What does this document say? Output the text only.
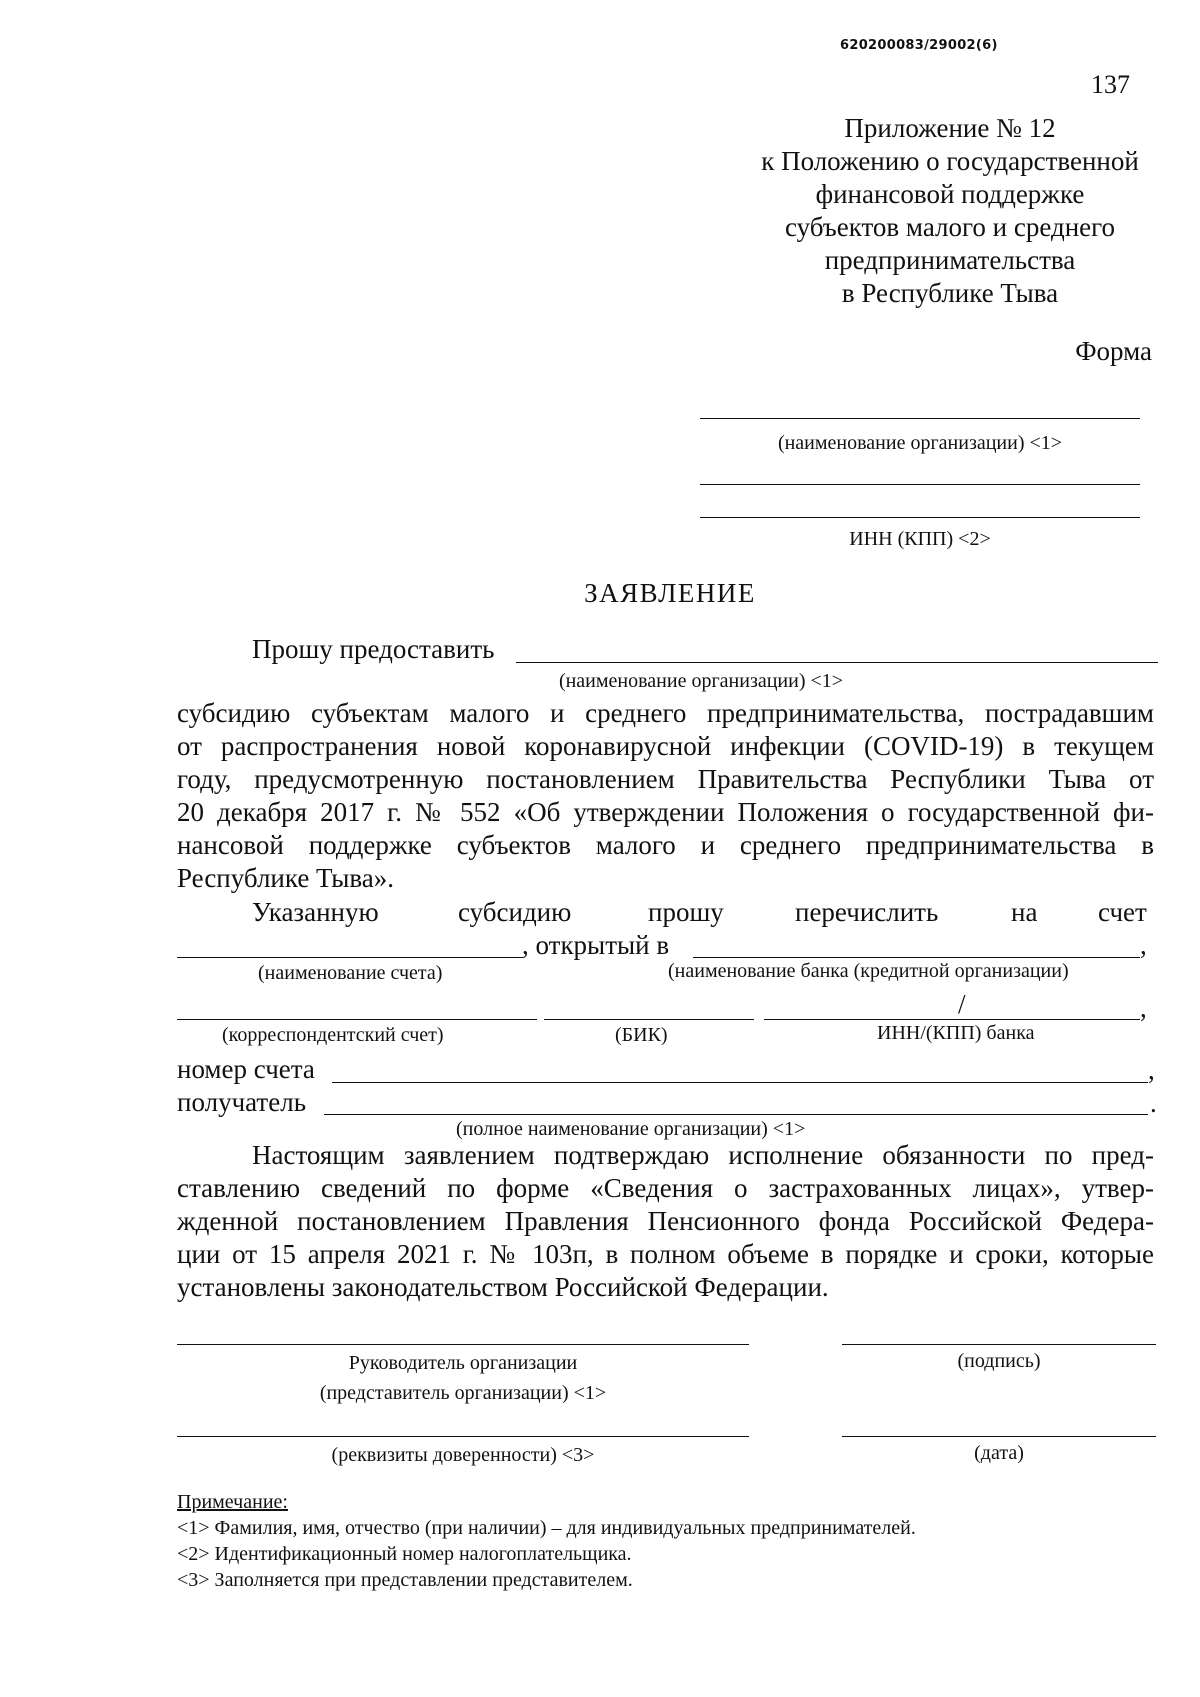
620200083/29002(6)
137
Приложение № 12
к Положению о государственной
финансовой поддержке
субъектов малого и среднего
предпринимательства
в Республике Тыва
Форма
(наименование организации) <1>
ИНН (КПП) <2>
ЗАЯВЛЕНИЕ
Прошу предоставить
(наименование организации) <1>
субсидию субъектам малого и среднего предпринимательства, пострадавшим
от распространения новой коронавирусной инфекции (COVID-19) в текущем
году, предусмотренную постановлением Правительства Республики Тыва от
20 декабря 2017 г. № 552 «Об утверждении Положения о государственной фи-
нансовой поддержке субъектов малого и среднего предпринимательства в
Республике Тыва».
Указанную	субсидию	прошу	перечислить	на счет
, открытый в	,
(наименование счета)	(наименование банка (кредитной организации)
/	,
(корреспондентский счет)	(БИК)	ИНН/(КПП) банка
номер счета	,
получатель	.
(полное наименование организации) <1>
Настоящим заявлением подтверждаю исполнение обязанности по пред-
ставлению сведений по форме «Сведения о застрахованных лицах», утвер-
жденной постановлением Правления Пенсионного фонда Российской Федера-
ции от 15 апреля 2021 г. № 103п, в полном объеме в порядке и сроки, которые
установлены законодательством Российской Федерации.
Руководитель организации
(представитель организации) <1>
(подпись)
(реквизиты доверенности) <3>	(дата)
Примечание:
<1> Фамилия, имя, отчество (при наличии) – для индивидуальных предпринимателей.
<2> Идентификационный номер налогоплательщика.
<3> Заполняется при представлении представителем.
